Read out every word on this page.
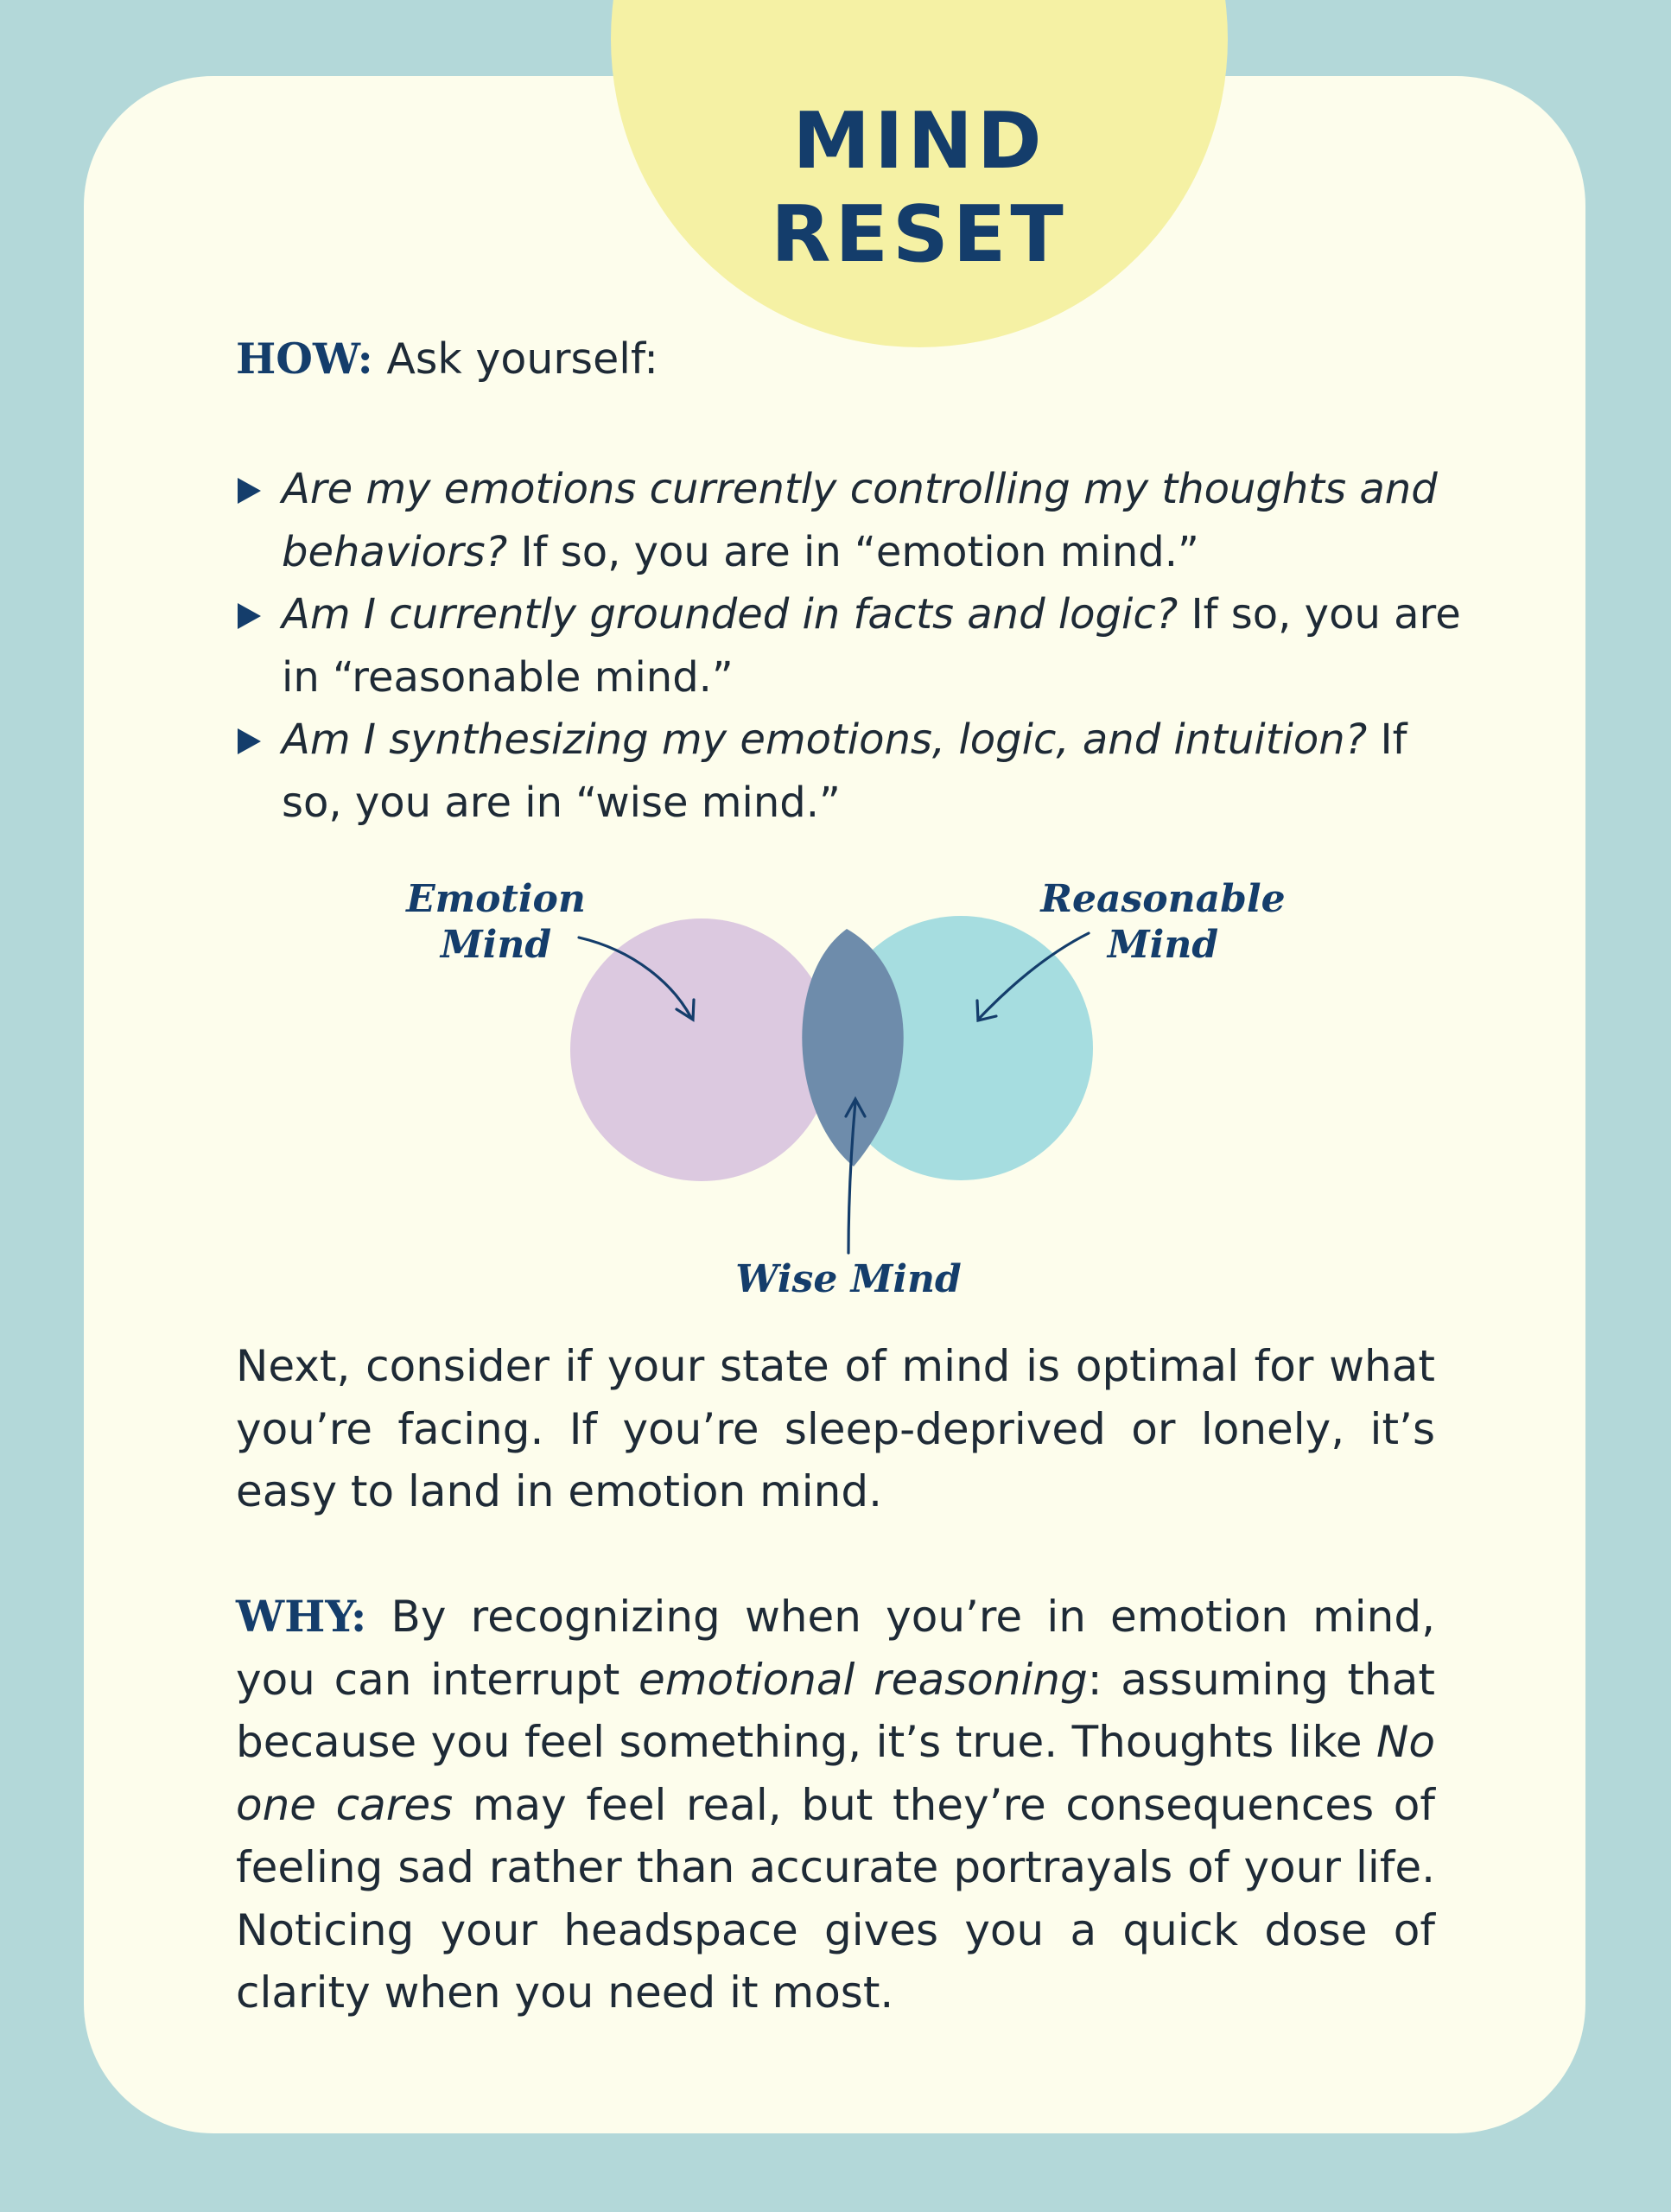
MIND
RESET
HOW: Ask yourself:
Are my emotions currently controlling my thoughts and behaviors? If so, you are in “emotion mind.”
Am I currently grounded in facts and logic? If so, you are in “reasonable mind.”
Am I synthesizing my emotions, logic, and intuition? If so, you are in “wise mind.”
Emotion
Mind
Reasonable
Mind
Wise Mind
Next, consider if your state of mind is optimal for what you’re facing. If you’re sleep-deprived or lonely, it’s easy to land in emotion mind.
WHY: By recognizing when you’re in emotion mind, you can interrupt emotional reasoning: assuming that because you feel something, it’s true. Thoughts like No one cares may feel real, but they’re consequences of feeling sad rather than accurate portrayals of your life. Noticing your headspace gives you a quick dose of clarity when you need it most.
